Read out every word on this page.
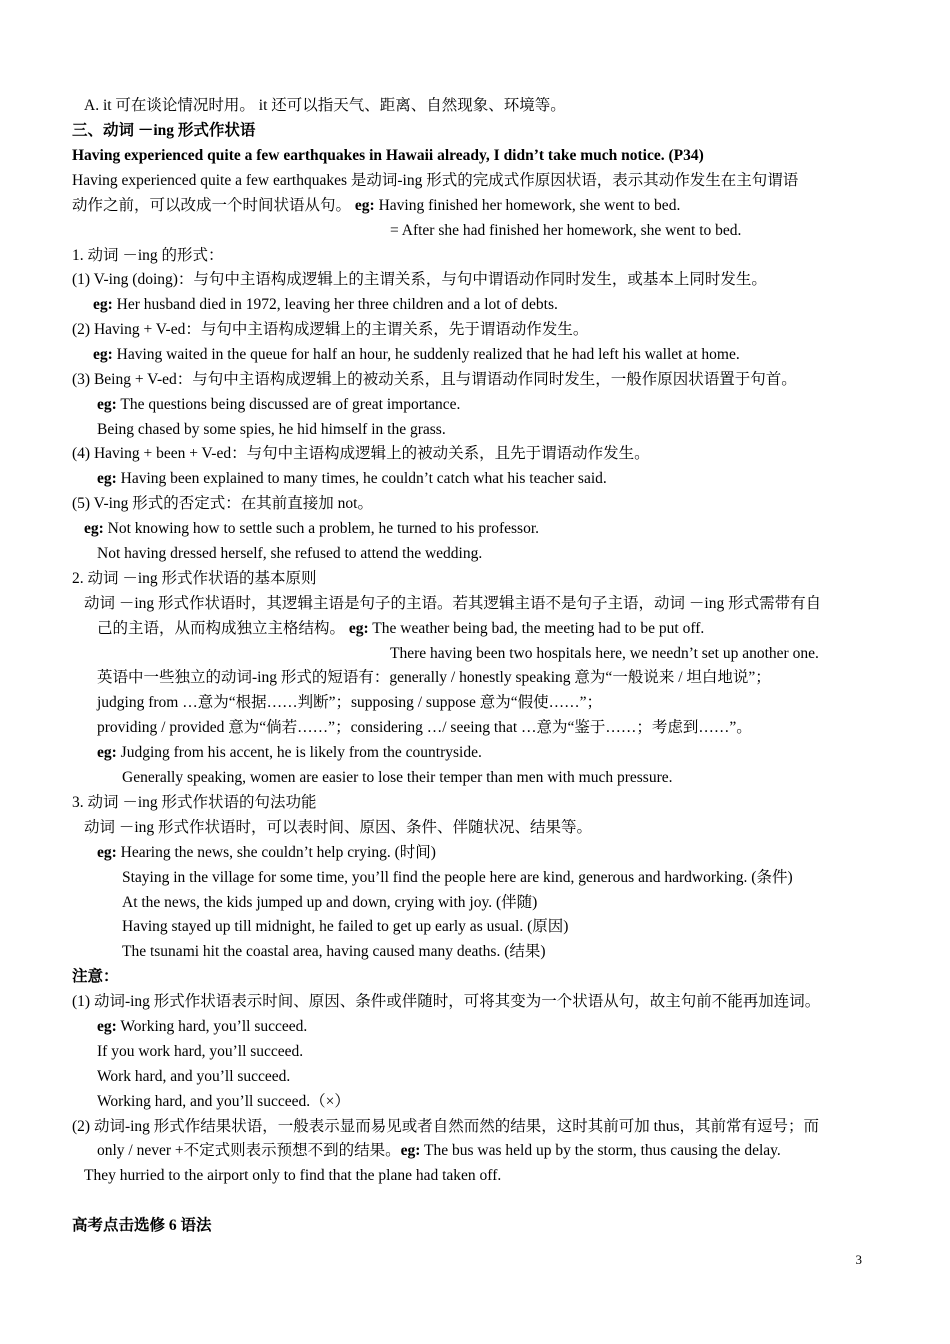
A. it 可在谈论情况时用。 it 还可以指天气、距离、自然现象、环境等。
三、动词 －ing 形式作状语
Having experienced quite a few earthquakes in Hawaii already, I didn’t take much notice. (P34)
Having experienced quite a few earthquakes 是动词-ing 形式的完成式作原因状语，表示其动作发生在主句谓语
动作之前，可以改成一个时间状语从句。 eg: Having finished her homework, she went to bed.
= After she had finished her homework, she went to bed.
1. 动词 －ing 的形式：
(1) V-ing (doing)：与句中主语构成逻辑上的主谓关系，与句中谓语动作同时发生，或基本上同时发生。
eg: Her husband died in 1972, leaving her three children and a lot of debts.
(2) Having + V-ed：与句中主语构成逻辑上的主谓关系，先于谓语动作发生。
eg: Having waited in the queue for half an hour, he suddenly realized that he had left his wallet at home.
(3) Being + V-ed：与句中主语构成逻辑上的被动关系，且与谓语动作同时发生，一般作原因状语置于句首。
eg: The questions being discussed are of great importance.
Being chased by some spies, he hid himself in the grass.
(4) Having + been + V-ed：与句中主语构成逻辑上的被动关系，且先于谓语动作发生。
eg: Having been explained to many times, he couldn’t catch what his teacher said.
(5) V-ing 形式的否定式：在其前直接加 not。
eg: Not knowing how to settle such a problem, he turned to his professor.
Not having dressed herself, she refused to attend the wedding.
2. 动词 －ing 形式作状语的基本原则
动词 －ing 形式作状语时，其逻辑主语是句子的主语。若其逻辑主语不是句子主语，动词 －ing 形式需带有自
己的主语，从而构成独立主格结构。 eg: The weather being bad, the meeting had to be put off.
There having been two hospitals here, we needn’t set up another one.
英语中一些独立的动词-ing 形式的短语有：generally / honestly speaking 意为“一般说来 / 坦白地说”；
judging from …意为“根据……判断”；supposing / suppose 意为“假使……”；
providing / provided 意为“倘若……”；considering …/ seeing that …意为“鉴于……；考虑到……”。
eg: Judging from his accent, he is likely from the countryside.
Generally speaking, women are easier to lose their temper than men with much pressure.
3. 动词 －ing 形式作状语的句法功能
动词 －ing 形式作状语时，可以表时间、原因、条件、伴随状况、结果等。
eg: Hearing the news, she couldn’t help crying. (时间)
Staying in the village for some time, you’ll find the people here are kind, generous and hardworking. (条件)
At the news, the kids jumped up and down, crying with joy. (伴随)
Having stayed up till midnight, he failed to get up early as usual. (原因)
The tsunami hit the coastal area, having caused many deaths. (结果)
注意：
(1) 动词-ing 形式作状语表示时间、原因、条件或伴随时，可将其变为一个状语从句，故主句前不能再加连词。
eg: Working hard, you’ll succeed.
If you work hard, you’ll succeed.
Work hard, and you’ll succeed.
Working hard, and you’ll succeed.（×）
(2) 动词-ing 形式作结果状语，一般表示显而易见或者自然而然的结果，这时其前可加 thus，其前常有逗号；而
only / never +不定式则表示预想不到的结果。eg: The bus was held up by the storm, thus causing the delay.
They hurried to the airport only to find that the plane had taken off.
高考点击选修 6 语法
3
